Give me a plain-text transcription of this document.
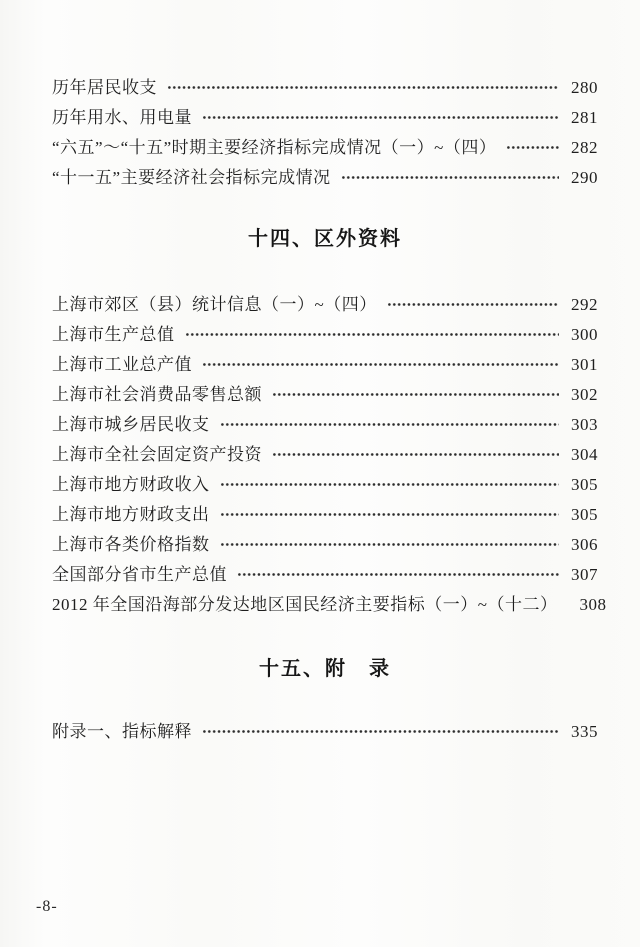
历年居民收支	280
历年用水、用电量	281
“六五”～“十五”时期主要经济指标完成情况（一）~（四）	282
“十一五”主要经济社会指标完成情况	290
十四、区外资料
上海市郊区（县）统计信息（一）~（四）	292
上海市生产总值	300
上海市工业总产值	301
上海市社会消费品零售总额	302
上海市城乡居民收支	303
上海市全社会固定资产投资	304
上海市地方财政收入	305
上海市地方财政支出	305
上海市各类价格指数	306
全国部分省市生产总值	307
2012 年全国沿海部分发达地区国民经济主要指标（一）~（十二） 308
十五、附　录
附录一、指标解释	335
-8-
